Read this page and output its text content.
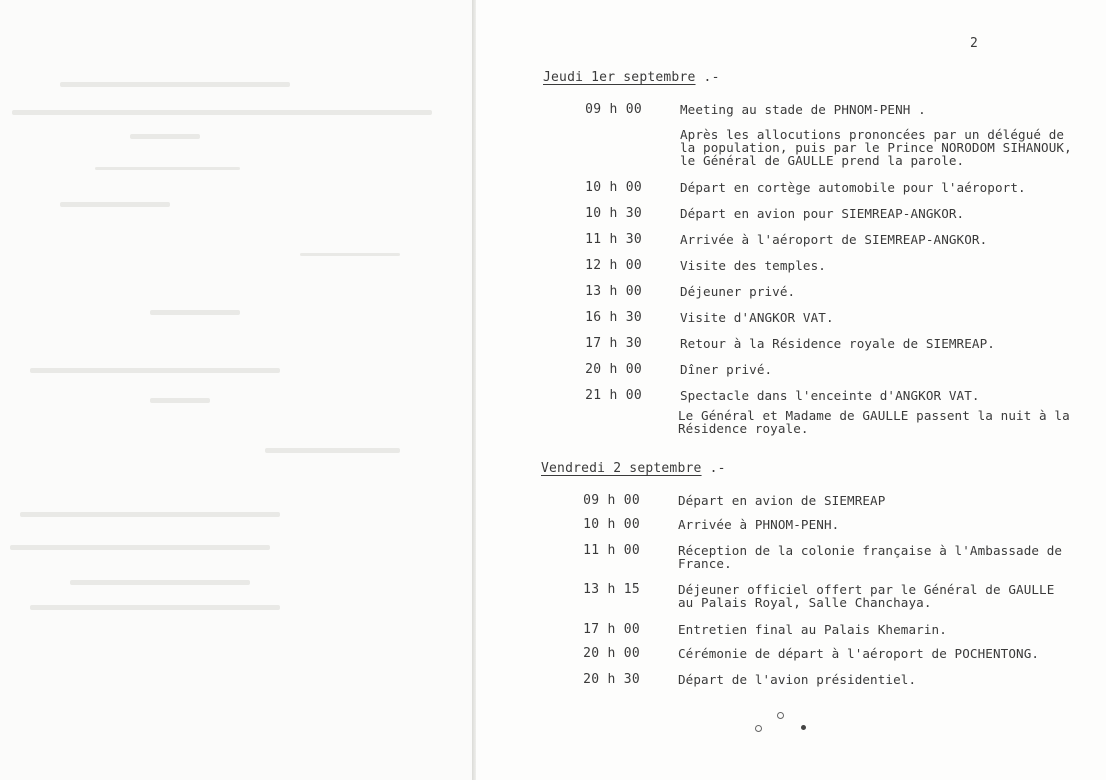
2
Jeudi 1er septembre .-
09 h 00	Meeting au stade de PHNOM-PENH .
Après les allocutions prononcées par un délégué de
la population, puis par le Prince NORODOM SIHANOUK,
le Général de GAULLE prend la parole.
10 h 00	Départ en cortège automobile pour l'aéroport.
10 h 30	Départ en avion pour SIEMREAP-ANGKOR.
11 h 30	Arrivée à l'aéroport de SIEMREAP-ANGKOR.
12 h 00	Visite des temples.
13 h 00	Déjeuner privé.
16 h 30	Visite d'ANGKOR VAT.
17 h 30	Retour à la Résidence royale de SIEMREAP.
20 h 00	Dîner privé.
21 h 00	Spectacle dans l'enceinte d'ANGKOR VAT.
Le Général et Madame de GAULLE passent la nuit à la
Résidence royale.
Vendredi 2 septembre .-
09 h 00	Départ en avion de SIEMREAP
10 h 00	Arrivée à PHNOM-PENH.
11 h 00	Réception de la colonie française à l'Ambassade de
France.
13 h 15	Déjeuner officiel offert par le Général de GAULLE
au Palais Royal, Salle Chanchaya.
17 h 00	Entretien final au Palais Khemarin.
20 h 00	Cérémonie de départ à l'aéroport de POCHENTONG.
20 h 30	Départ de l'avion présidentiel.
